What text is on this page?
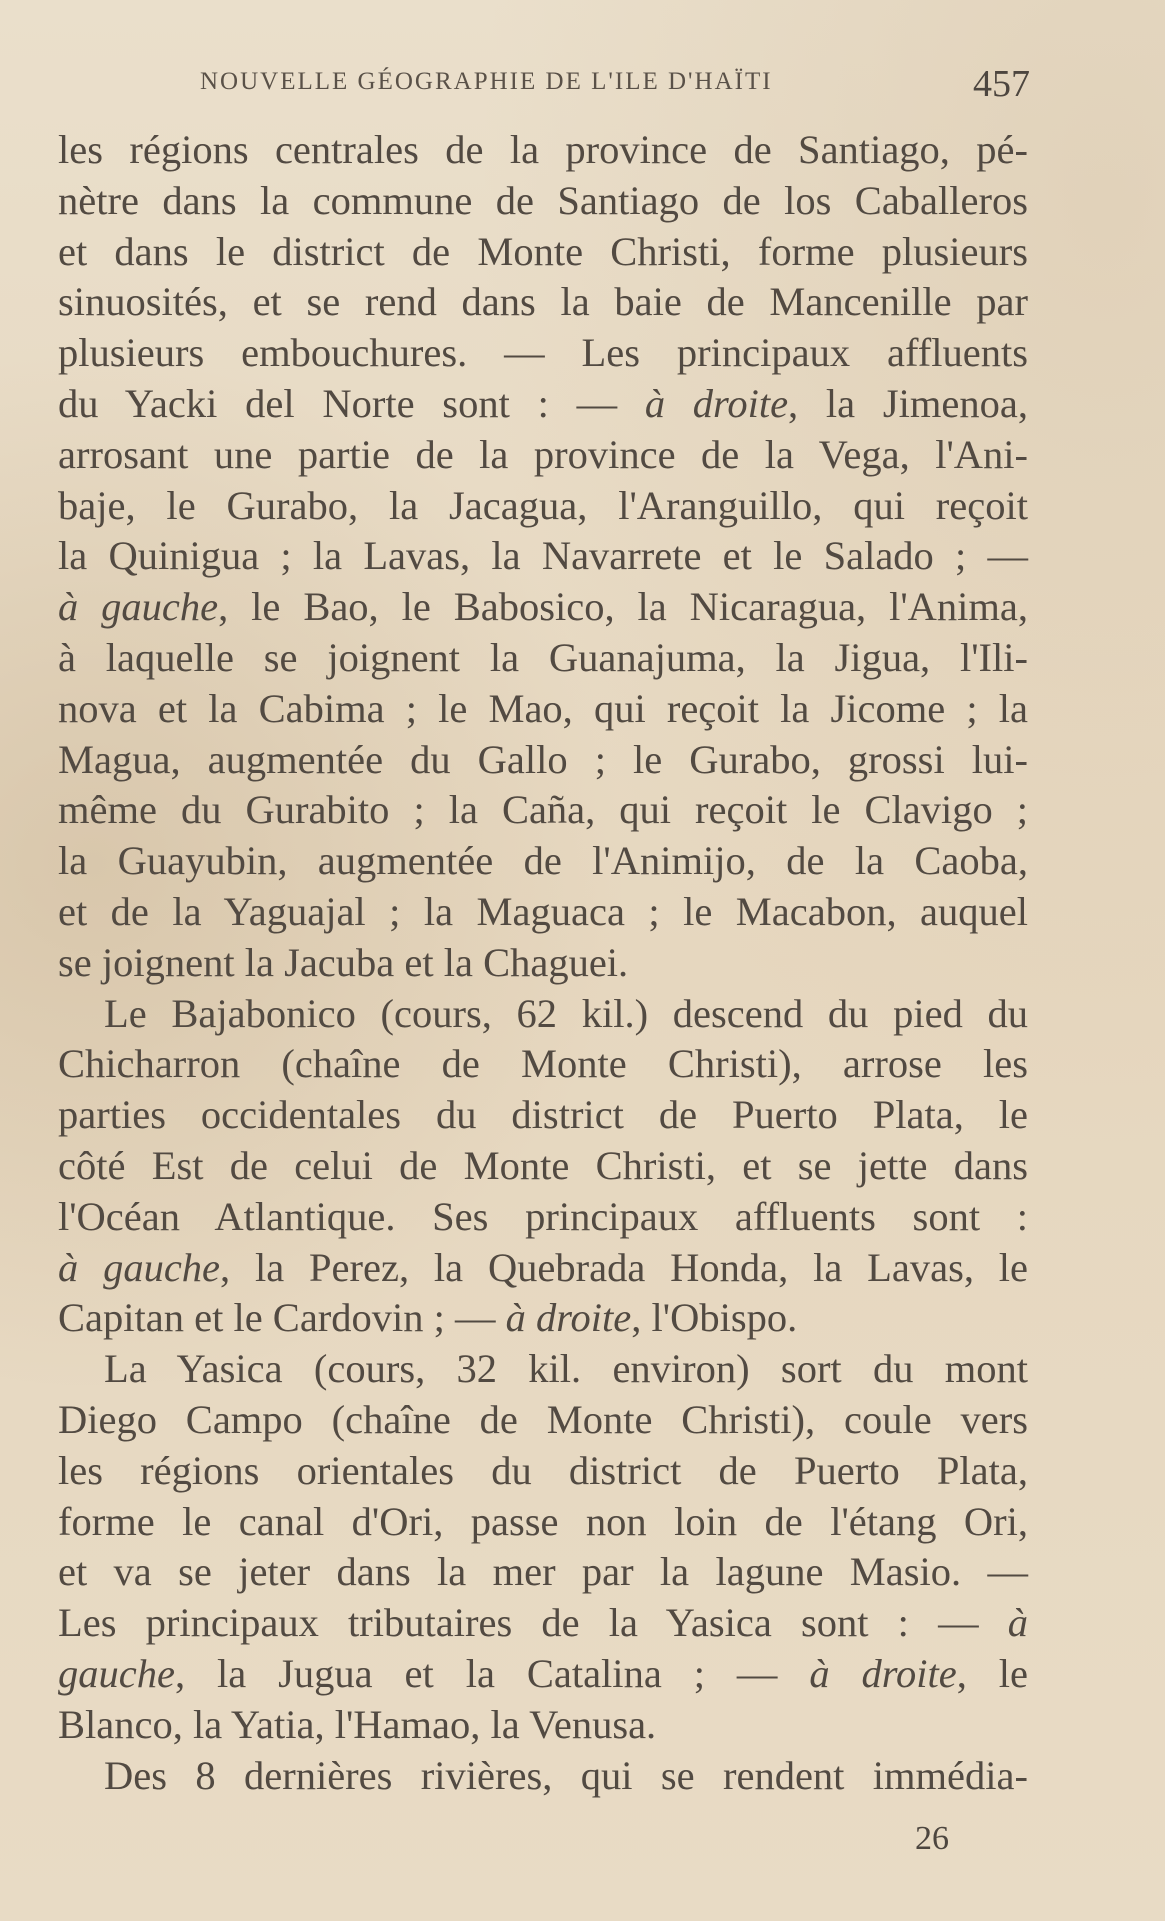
NOUVELLE GÉOGRAPHIE DE L'ILE D'HAÏTI	457
les régions centrales de la province de Santiago, pé-
nètre dans la commune de Santiago de los Caballeros
et dans le district de Monte Christi, forme plusieurs
sinuosités, et se rend dans la baie de Mancenille par
plusieurs embouchures. — Les principaux affluents
du Yacki del Norte sont : — à droite, la Jimenoa,
arrosant une partie de la province de la Vega, l'Ani-
baje, le Gurabo, la Jacagua, l'Aranguillo, qui reçoit
la Quinigua ; la Lavas, la Navarrete et le Salado ; —
à gauche, le Bao, le Babosico, la Nicaragua, l'Anima,
à laquelle se joignent la Guanajuma, la Jigua, l'Ili-
nova et la Cabima ; le Mao, qui reçoit la Jicome ; la
Magua, augmentée du Gallo ; le Gurabo, grossi lui-
même du Gurabito ; la Caña, qui reçoit le Clavigo ;
la Guayubin, augmentée de l'Animijo, de la Caoba,
et de la Yaguajal ; la Maguaca ; le Macabon, auquel
se joignent la Jacuba et la Chaguei.
Le Bajabonico (cours, 62 kil.) descend du pied du
Chicharron (chaîne de Monte Christi), arrose les
parties occidentales du district de Puerto Plata, le
côté Est de celui de Monte Christi, et se jette dans
l'Océan Atlantique. Ses principaux affluents sont :
à gauche, la Perez, la Quebrada Honda, la Lavas, le
Capitan et le Cardovin ; — à droite, l'Obispo.
La Yasica (cours, 32 kil. environ) sort du mont
Diego Campo (chaîne de Monte Christi), coule vers
les régions orientales du district de Puerto Plata,
forme le canal d'Ori, passe non loin de l'étang Ori,
et va se jeter dans la mer par la lagune Masio. —
Les principaux tributaires de la Yasica sont : — à
gauche, la Jugua et la Catalina ; — à droite, le
Blanco, la Yatia, l'Hamao, la Venusa.
Des 8 dernières rivières, qui se rendent immédia-
26
